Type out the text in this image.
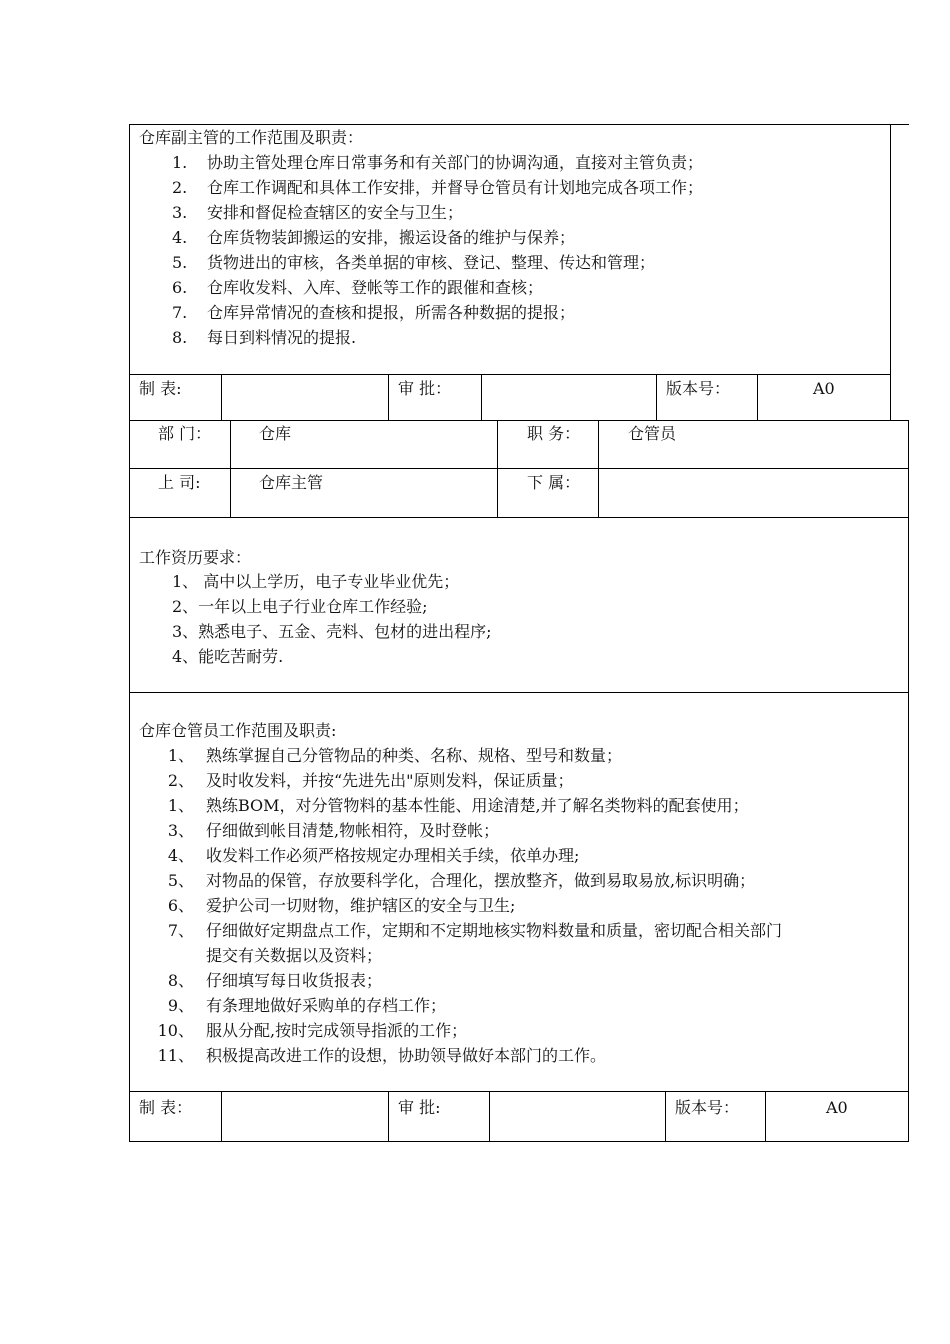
仓库副主管的工作范围及职责：
1. 协助主管处理仓库日常事务和有关部门的协调沟通，直接对主管负责；
2. 仓库工作调配和具体工作安排，并督导仓管员有计划地完成各项工作；
3. 安排和督促检查辖区的安全与卫生；
4. 仓库货物装卸搬运的安排，搬运设备的维护与保养；
5. 货物进出的审核，各类单据的审核、登记、整理、传达和管理；
6. 仓库收发料、入库、登帐等工作的跟催和查核；
7. 仓库异常情况的查核和提报，所需各种数据的提报；
8. 每日到料情况的提报.
制 表:	审 批：	版本号：	A0
部 门：	仓库	职 务：	仓管员
上 司:	仓库主管	下 属：
工作资历要求：
1、 高中以上学历，电子专业毕业优先；
2、一年以上电子行业仓库工作经验;
3、熟悉电子、五金、壳料、包材的进出程序;
4、能吃苦耐劳.
仓库仓管员工作范围及职责:
1、 熟练掌握自己分管物品的种类、名称、规格、型号和数量；
2、 及时收发料，并按“先进先出"原则发料，保证质量；
1、 熟练BOM，对分管物料的基本性能、用途清楚,并了解名类物料的配套使用；
3、 仔细做到帐目清楚,物帐相符，及时登帐；
4、 收发料工作必须严格按规定办理相关手续，依单办理;
5、 对物品的保管，存放要科学化，合理化，摆放整齐，做到易取易放,标识明确；
6、 爱护公司一切财物，维护辖区的安全与卫生;
7、 仔细做好定期盘点工作，定期和不定期地核实物料数量和质量，密切配合相关部门
提交有关数据以及资料；
8、 仔细填写每日收货报表；
9、 有条理地做好采购单的存档工作；
10、 服从分配,按时完成领导指派的工作；
11、 积极提高改进工作的设想，协助领导做好本部门的工作。
制 表：	审 批:	版本号：	A0
